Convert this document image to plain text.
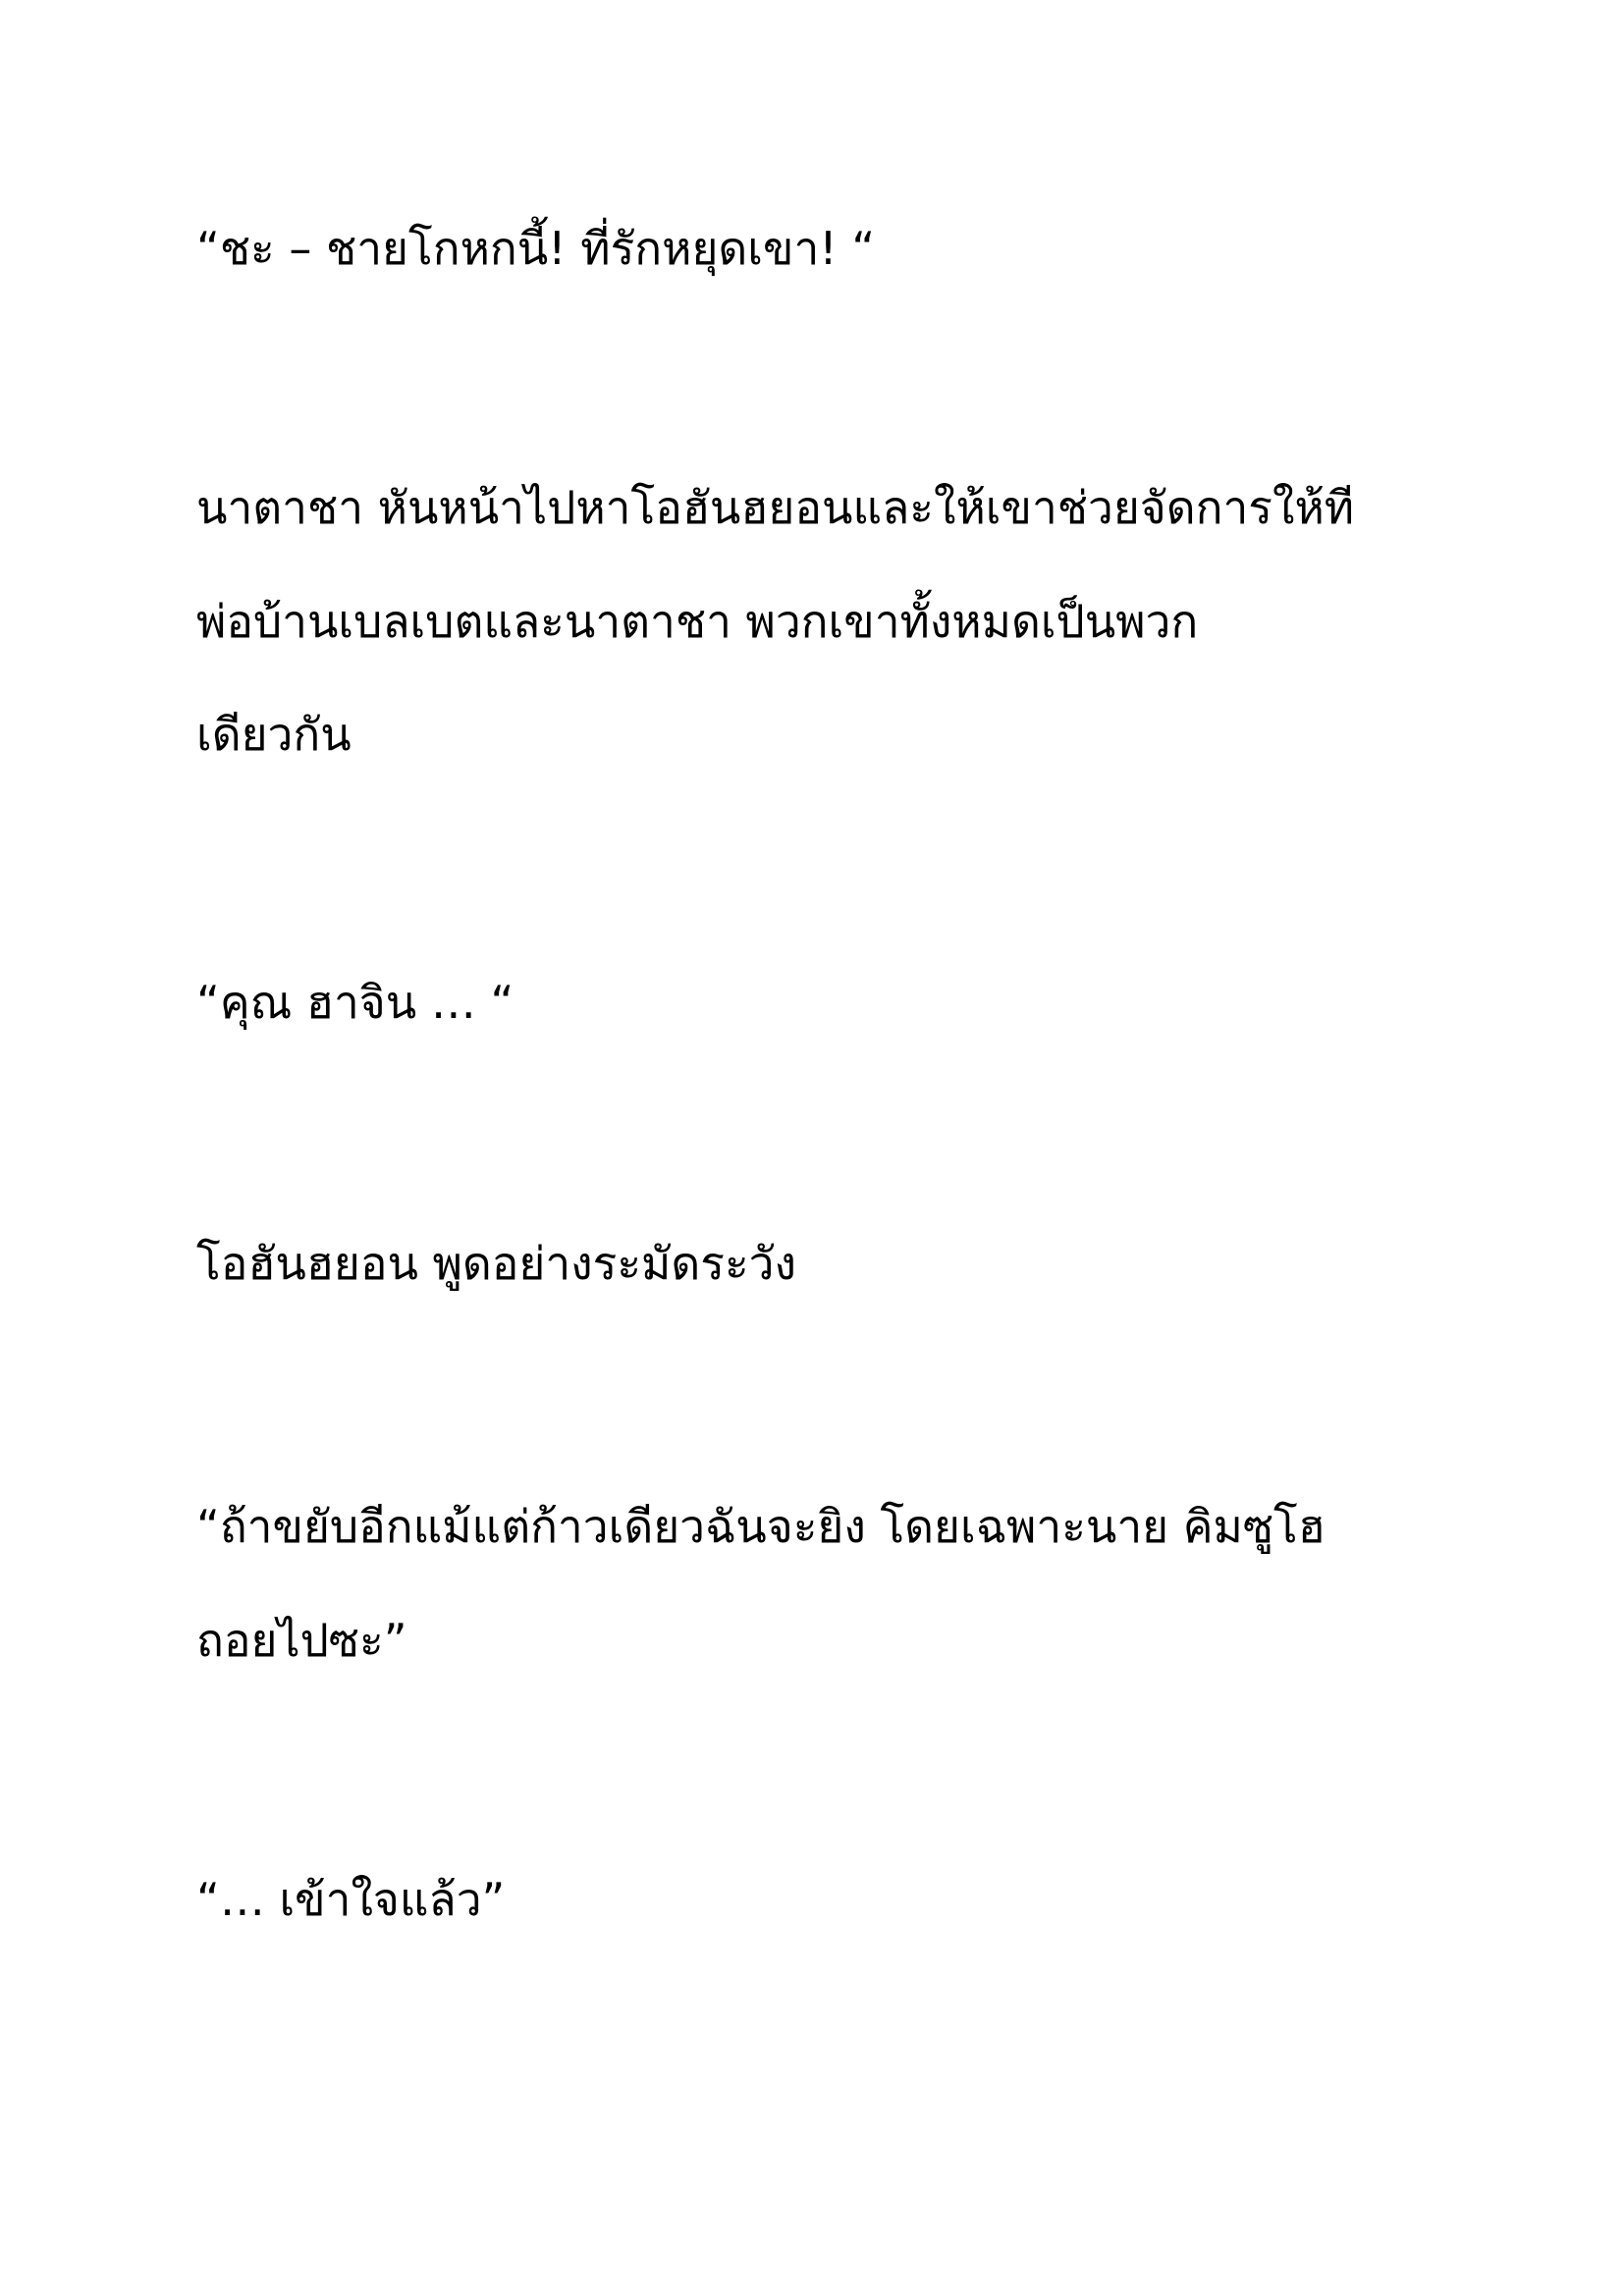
“ชะ – ชายโกหกนี้! ที่รักหยุดเขา! “

นาตาชา หันหน้าไปหาโอฮันฮยอนและให้เขาช่วยจัดการให้ที

พ่อบ้านเบลเบตและนาตาชา พวกเขาทั้งหมดเป็นพวก

เดียวกัน

“คุณ ฮาจิน … “

โอฮันฮยอน พูดอย่างระมัดระวัง

“ถ้าขยับอีกแม้แต่ก้าวเดียวฉันจะยิง โดยเฉพาะนาย คิมซูโฮ

ถอยไปซะ”

“… เข้าใจแล้ว”
